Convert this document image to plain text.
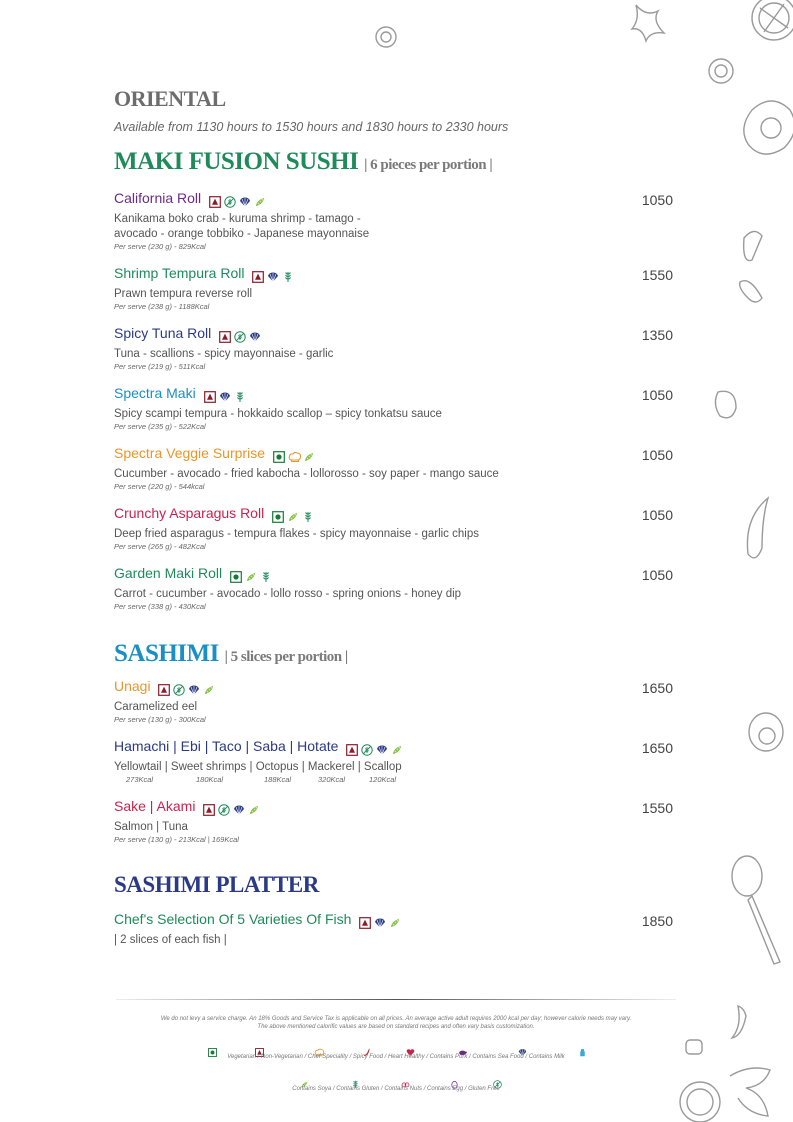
ORIENTAL
Available from 1130 hours to 1530 hours and 1830 hours to 2330 hours
MAKI FUSION SUSHI | 6 pieces per portion |
California Roll	1050
Kanikama boko crab - kuruma shrimp - tamago -
avocado - orange tobbiko - Japanese mayonnaise
Per serve (230 g) - 829Kcal
Shrimp Tempura Roll	1550
Prawn tempura reverse roll
Per serve (238 g) - 1188Kcal
Spicy Tuna Roll	1350
Tuna - scallions - spicy mayonnaise - garlic
Per serve (219 g) - 511Kcal
Spectra Maki	1050
Spicy scampi tempura - hokkaido scallop – spicy tonkatsu sauce
Per serve (235 g) - 522Kcal
Spectra Veggie Surprise	1050
Cucumber - avocado - fried kabocha - lollorosso - soy paper - mango sauce
Per serve (220 g) - 544kcal
Crunchy Asparagus Roll	1050
Deep fried asparagus - tempura flakes - spicy mayonnaise - garlic chips
Per serve (265 g) - 482Kcal
Garden Maki Roll	1050
Carrot - cucumber - avocado - lollo rosso - spring onions - honey dip
Per serve (338 g) - 430Kcal
Unagi	1650
Caramelized eel
Per serve (130 g) - 300Kcal
Hamachi | Ebi | Taco | Saba | Hotate	1650
Yellowtail | Sweet shrimps | Octopus | Mackerel | Scallop
273Kcal	180Kcal	188Kcal	320Kcal	120Kcal
Sake | Akami	1550
Salmon | Tuna
Per serve (130 g) - 213Kcal | 169Kcal
Chef's Selection Of 5 Varieties Of Fish	1850
| 2 slices of each fish |
SASHIMI | 5 slices per portion |
SASHIMI PLATTER
We do not levy a service charge. An 18% Goods and Service Tax is applicable on all prices. An average active adult requires 2000 kcal per day; however calorie needs may vary.
The above mentioned calorific values are based on standard recipes and often vary basis customization.
Vegetarian / Non-Vegetarian / Chef Speciality / Spicy Food / Heart Healthy / Contains Pork / Contains Sea Food / Contains Milk
Contains Soya / Contains Gluten / Contains Nuts / Contains Egg / Gluten Free
